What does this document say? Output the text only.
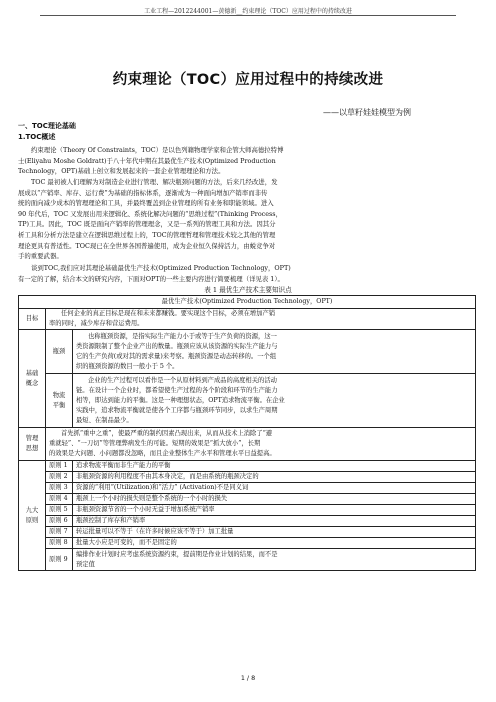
工业工程—2012244001—黄德新__约束理论（TOC）应用过程中的持续改进
约束理论（TOC）应用过程中的持续改进
——以草籽娃娃模型为例
一、TOC理论基础
1.TOC概述

约束理论（Theory Of Constraints，TOC）是以色列籍物理学家和企管大师高德拉特博

士(Eliyahu Moshe Goldratt)于八十年代中期在其最优生产技术(Optimized Production

Technology，OPT)基础上创立和发展起来的一套企业管理理论和方法。

TOC 最初被人们理解为对制造企业进行管理、解决瓶颈问题的方法，后来几经改进，发

展成以“产销率、库存、运行费”为基础的指标体系，逐渐成为一种面向增加产销率而非传

统的面向减少成本的管理理论和工具，并最终覆盖到企业管理的所有业务和职能领域。进入

90 年代后，TOC 又发展出用来逻辑化、系统化解决问题的“思维过程”(Thinking Process，

TP)工具。因此，TOC 既是面向产销率的管理理念，又是一系列的管理工具和方法。因其分

析工具和分析方法是建立在逻辑思维过程上的，TOC的管理哲理和管理技术较之其他的管理

理论更具有普适性。TOC现已在全世界各国普遍使用，成为企业恒久保持活力，由蜕竞争对

手的重要武器。

谈到TOC,我们应对其理论基础最优生产技术(Optimized Production Technology，OPT)

有一定的了解，结合本文的研究内容，下面对OPT的一些主要内容进行简要梳理（详见表 1）。

表 1 最优生产技术主要知识点
最优生产技术(Optimized Production Technology，OPT)		
目标	任何企业的真正目标是现在和未来都赚钱。要实现这个目标，必须在增加产销
率的同时，减少库存和营运费用。	

基础
概念	瓶颈	也称瓶颈资源，是指实际生产能力小于或等于生产负荷的资源，这一
类资源限制了整个企业产出的数量。瓶颈应该从该资源的实际生产能力与
它的生产负荷(或对其的需求量)来考察。瓶颈资源是动态转移的。一个组
织的瓶颈资源的数目一般小于 5 个。

	物流
平衡	企业的生产过程可以看作是一个从原材料到产成品的高度相关的活动
链。在设计一个企业时，都希望使生产过程的各个阶段和环节的生产能力
相等，即达到能力的平衡。这是一种理想状态，OPT追求物流平衡。在企业
实践中，追求物流平衡就是使各个工序都与瓶颈环节同步，以求生产周期
最短、在制品最少。

管理
思想	首先抓“重中之重”，使最严重的制约因素凸现出来，从而从技术上消除了“避
重就轻”、“一刀切”等管理弊病发生的可能。短期的效果是“抓大放小”，长期
的效果是大问题、小问题都没忽略，而且企业整体生产水平和管理水平日益提高。	

九大
原则	原则 1	追求物流平衡而非生产能力的平衡
	原则 2	非瓶颈资源的利用程度不由其本身决定，而是由系统的瓶颈决定的
	原则 3	资源的“利用”(Utilization)和“活力” (Activation)不是同义词
	原则 4	瓶颈上一个小时的损失则是整个系统的一个小时的损失
	原则 5	非瓶颈资源节省的一个小时无益于增加系统产销率
	原则 6	瓶颈控制了库存和产销率
	原则 7	转运批量可以不等于（在许多时候应该不等于）加工批量
	原则 8	批量大小应是可变的，而不是固定的
	原则 9	编排作业计划时应考虑系统资源约束，提前期是作业计划的结果，而不是
预定值
1 / 8
